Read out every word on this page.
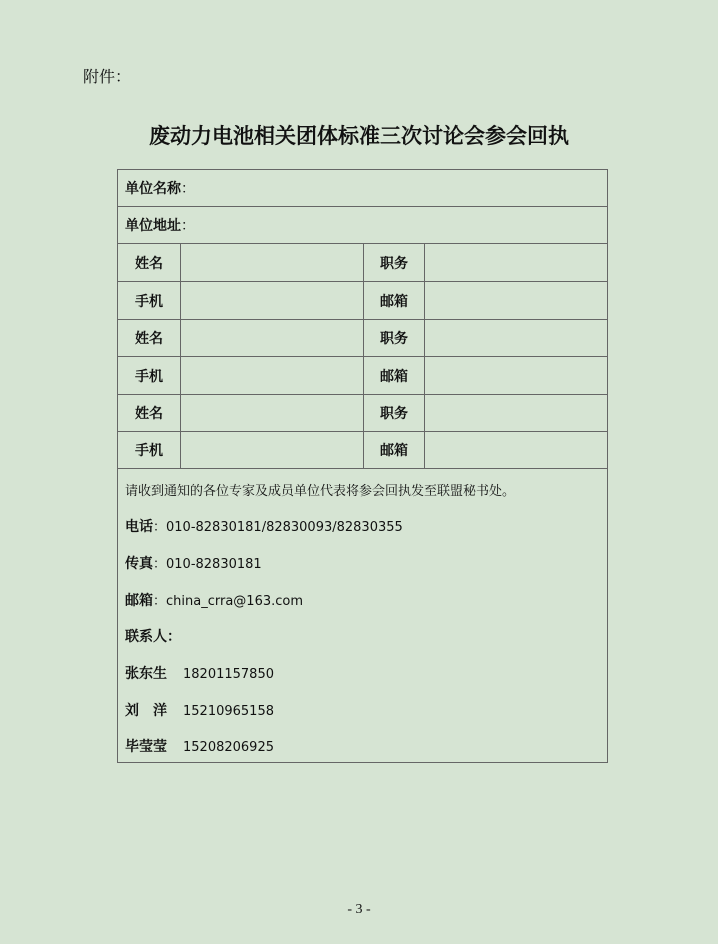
附件：
废动力电池相关团体标准三次讨论会参会回执
单位名称 ：
单位地址 ：
姓名	职务
手机	邮箱
姓名	职务
手机	邮箱
姓名	职务
手机	邮箱
请收到通知的各位专家及成员单位代表将参会回执发至联盟秘书处。
电话：010-82830181/82830093/82830355
传真：010-82830181
邮箱：china_crra@163.com
联系人：
张东生 18201157850
刘　洋 15210965158
毕莹莹 15208206925
- 3 -
